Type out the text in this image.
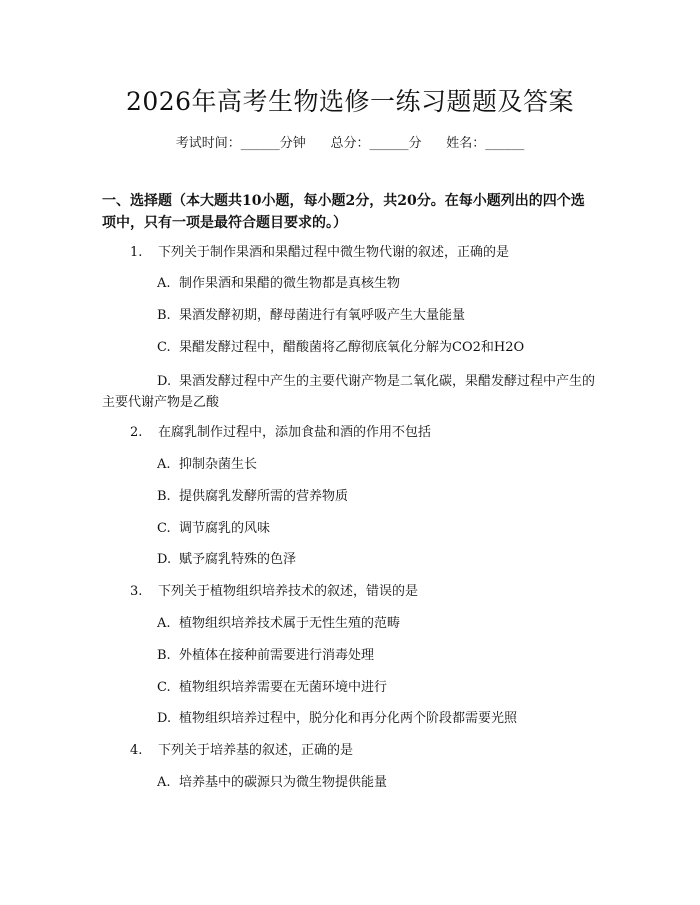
2026年高考生物选修一练习题题及答案
考试时间：______分钟      总分：______分      姓名：______
一、选择题（本大题共10小题，每小题2分，共20分。在每小题列出的四个选项中，只有一项是最符合题目要求的。）
1. 下列关于制作果酒和果醋过程中微生物代谢的叙述，正确的是
A. 制作果酒和果醋的微生物都是真核生物
B. 果酒发酵初期，酵母菌进行有氧呼吸产生大量能量
C. 果醋发酵过程中，醋酸菌将乙醇彻底氧化分解为CO2和H2O
D. 果酒发酵过程中产生的主要代谢产物是二氧化碳，果醋发酵过程中产生的主要代谢产物是乙酸
2. 在腐乳制作过程中，添加食盐和酒的作用不包括
A. 抑制杂菌生长
B. 提供腐乳发酵所需的营养物质
C. 调节腐乳的风味
D. 赋予腐乳特殊的色泽
3. 下列关于植物组织培养技术的叙述，错误的是
A. 植物组织培养技术属于无性生殖的范畴
B. 外植体在接种前需要进行消毒处理
C. 植物组织培养需要在无菌环境中进行
D. 植物组织培养过程中，脱分化和再分化两个阶段都需要光照
4. 下列关于培养基的叙述，正确的是
A. 培养基中的碳源只为微生物提供能量
